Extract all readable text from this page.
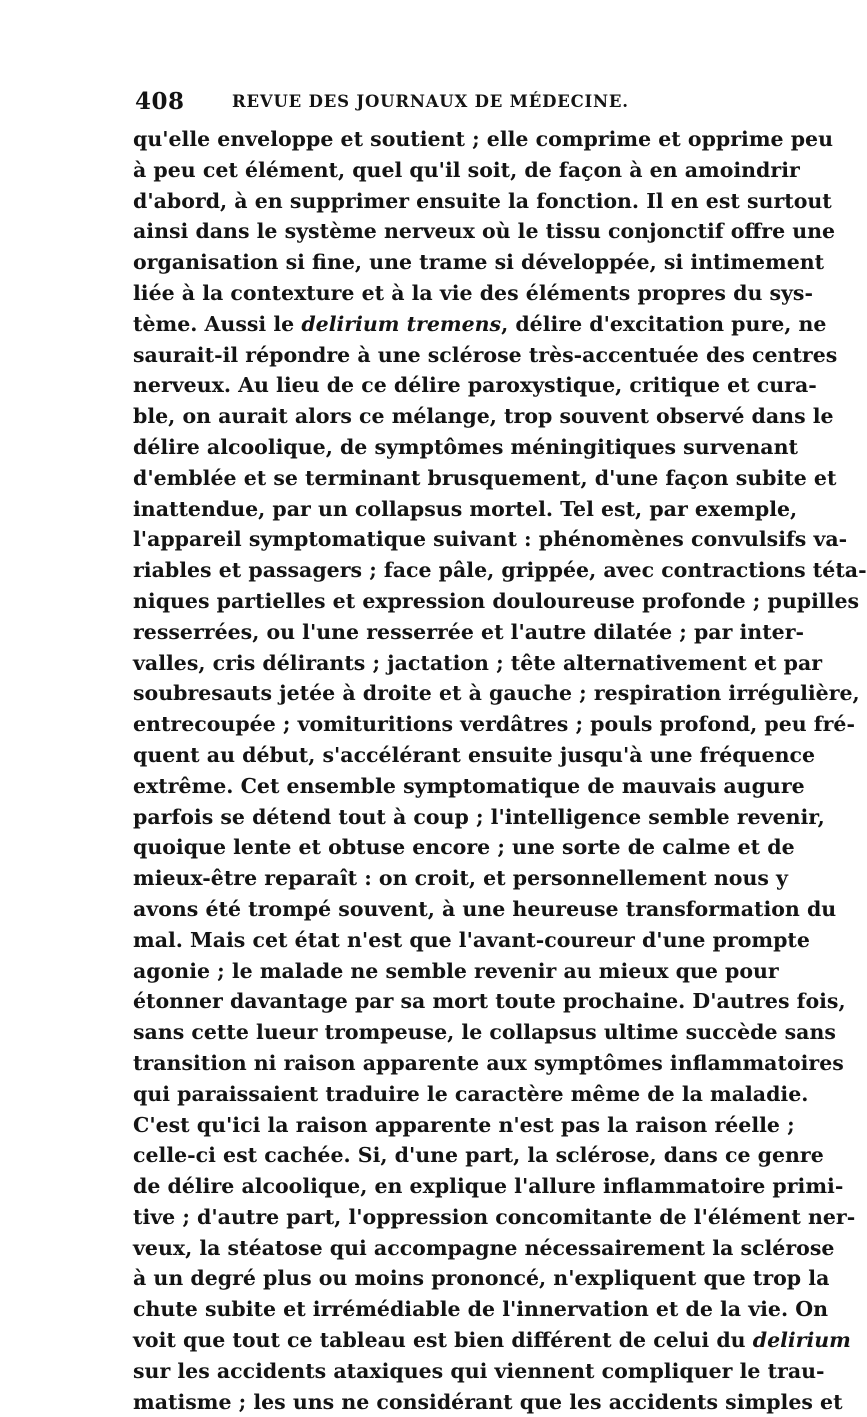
408	REVUE DES JOURNAUX DE MÉDECINE.
qu'elle enveloppe et soutient ; elle comprime et opprime peu
à peu cet élément, quel qu'il soit, de façon à en amoindrir
d'abord, à en supprimer ensuite la fonction. Il en est surtout
ainsi dans le système nerveux où le tissu conjonctif offre une
organisation si fine, une trame si développée, si intimement
liée à la contexture et à la vie des éléments propres du sys-
tème. Aussi le delirium tremens, délire d'excitation pure, ne
saurait-il répondre à une sclérose très-accentuée des centres
nerveux. Au lieu de ce délire paroxystique, critique et cura-
ble, on aurait alors ce mélange, trop souvent observé dans le
délire alcoolique, de symptômes méningitiques survenant
d'emblée et se terminant brusquement, d'une façon subite et
inattendue, par un collapsus mortel. Tel est, par exemple,
l'appareil symptomatique suivant : phénomènes convulsifs va-
riables et passagers ; face pâle, grippée, avec contractions téta-
niques partielles et expression douloureuse profonde ; pupilles
resserrées, ou l'une resserrée et l'autre dilatée ; par inter-
valles, cris délirants ; jactation ; tête alternativement et par
soubresauts jetée à droite et à gauche ; respiration irrégulière,
entrecoupée ; vomituritions verdâtres ; pouls profond, peu fré-
quent au début, s'accélérant ensuite jusqu'à une fréquence
extrême. Cet ensemble symptomatique de mauvais augure
parfois se détend tout à coup ; l'intelligence semble revenir,
quoique lente et obtuse encore ; une sorte de calme et de
mieux-être reparaît : on croit, et personnellement nous y
avons été trompé souvent, à une heureuse transformation du
mal. Mais cet état n'est que l'avant-coureur d'une prompte
agonie ; le malade ne semble revenir au mieux que pour
étonner davantage par sa mort toute prochaine. D'autres fois,
sans cette lueur trompeuse, le collapsus ultime succède sans
transition ni raison apparente aux symptômes inflammatoires
qui paraissaient traduire le caractère même de la maladie.
C'est qu'ici la raison apparente n'est pas la raison réelle ;
celle-ci est cachée. Si, d'une part, la sclérose, dans ce genre
de délire alcoolique, en explique l'allure inflammatoire primi-
tive ; d'autre part, l'oppression concomitante de l'élément ner-
veux, la stéatose qui accompagne nécessairement la sclérose
à un degré plus ou moins prononcé, n'expliquent que trop la
chute subite et irrémédiable de l'innervation et de la vie. On
voit que tout ce tableau est bien différent de celui du delirium
sur les accidents ataxiques qui viennent compliquer le trau-
matisme ; les uns ne considérant que les accidents simples et
